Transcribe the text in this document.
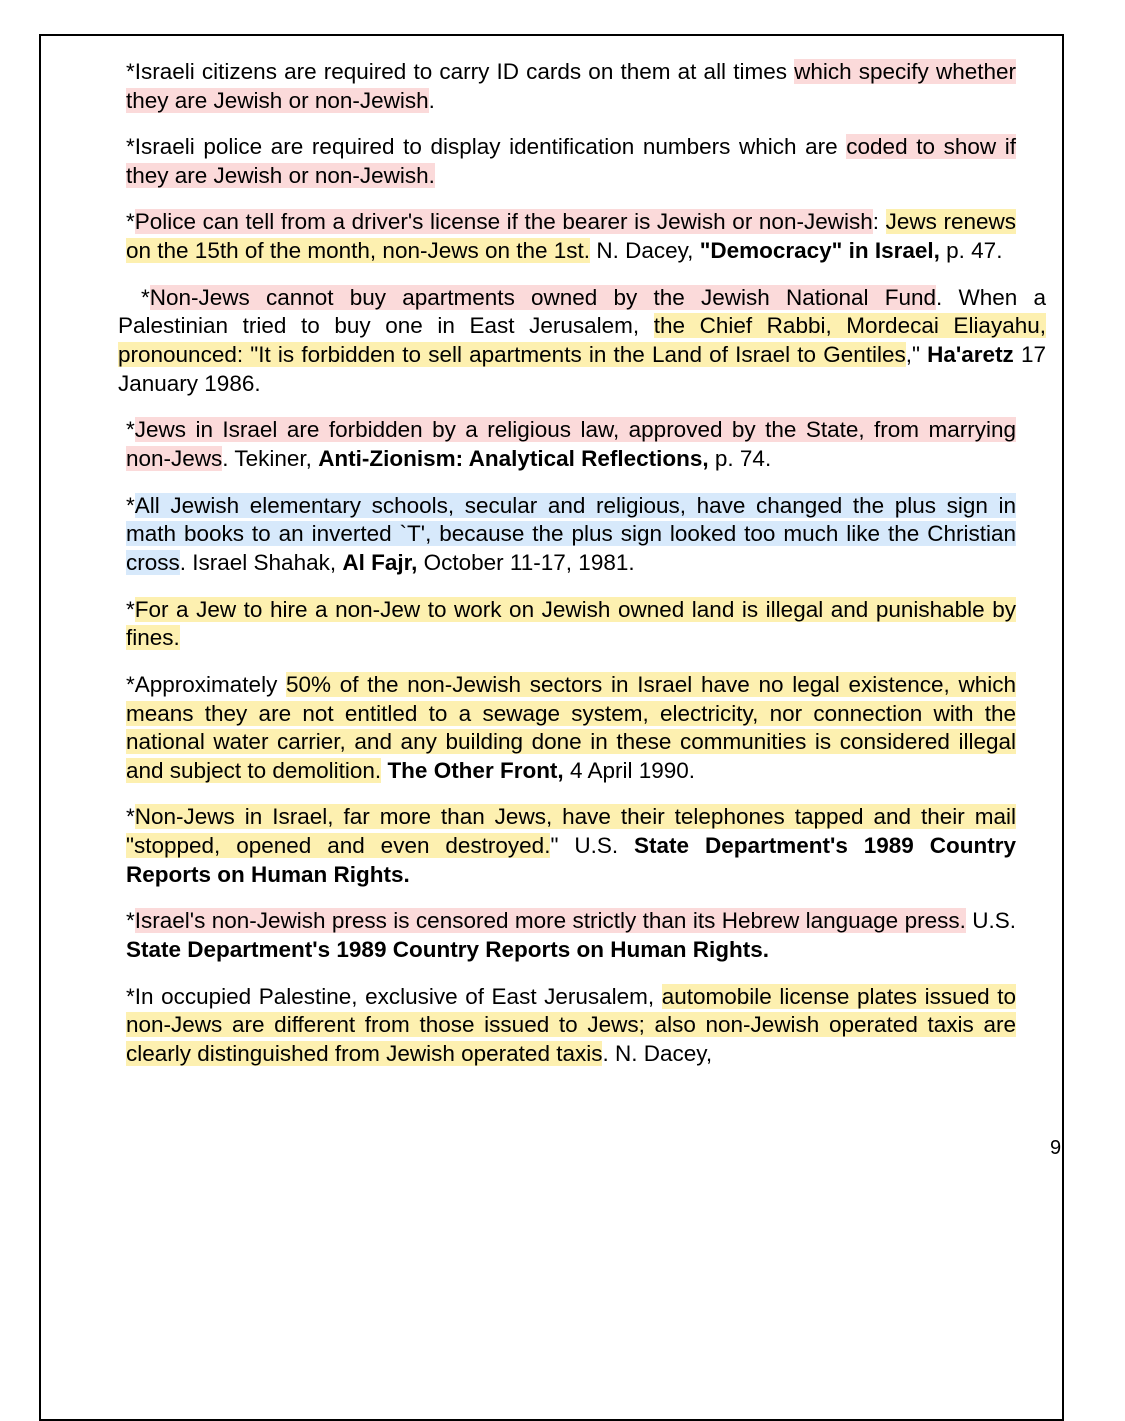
*Israeli citizens are required to carry ID cards on them at all times which specify whether they are Jewish or non-Jewish.

*Israeli police are required to display identification numbers which are coded to show if they are Jewish or non-Jewish.

*Police can tell from a driver's license if the bearer is Jewish or non-Jewish: Jews renews on the 15th of the month, non-Jews on the 1st. N. Dacey, "Democracy" in Israel, p. 47.

*Non-Jews cannot buy apartments owned by the Jewish National Fund. When a Palestinian tried to buy one in East Jerusalem, the Chief Rabbi, Mordecai Eliayahu, pronounced: "It is forbidden to sell apartments in the Land of Israel to Gentiles," Ha'aretz 17 January 1986.

*Jews in Israel are forbidden by a religious law, approved by the State, from marrying non-Jews. Tekiner, Anti-Zionism: Analytical Reflections, p. 74.

*All Jewish elementary schools, secular and religious, have changed the plus sign in math books to an inverted `T', because the plus sign looked too much like the Christian cross. Israel Shahak, Al Fajr, October 11-17, 1981.

*For a Jew to hire a non-Jew to work on Jewish owned land is illegal and punishable by fines.

*Approximately 50% of the non-Jewish sectors in Israel have no legal existence, which means they are not entitled to a sewage system, electricity, nor connection with the national water carrier, and any building done in these communities is considered illegal and subject to demolition. The Other Front, 4 April 1990.

*Non-Jews in Israel, far more than Jews, have their telephones tapped and their mail "stopped, opened and even destroyed." U.S. State Department's 1989 Country Reports on Human Rights.

*Israel's non-Jewish press is censored more strictly than its Hebrew language press. U.S. State Department's 1989 Country Reports on Human Rights.

*In occupied Palestine, exclusive of East Jerusalem, automobile license plates issued to non-Jews are different from those issued to Jews; also non-Jewish operated taxis are clearly distinguished from Jewish operated taxis. N. Dacey,

9
